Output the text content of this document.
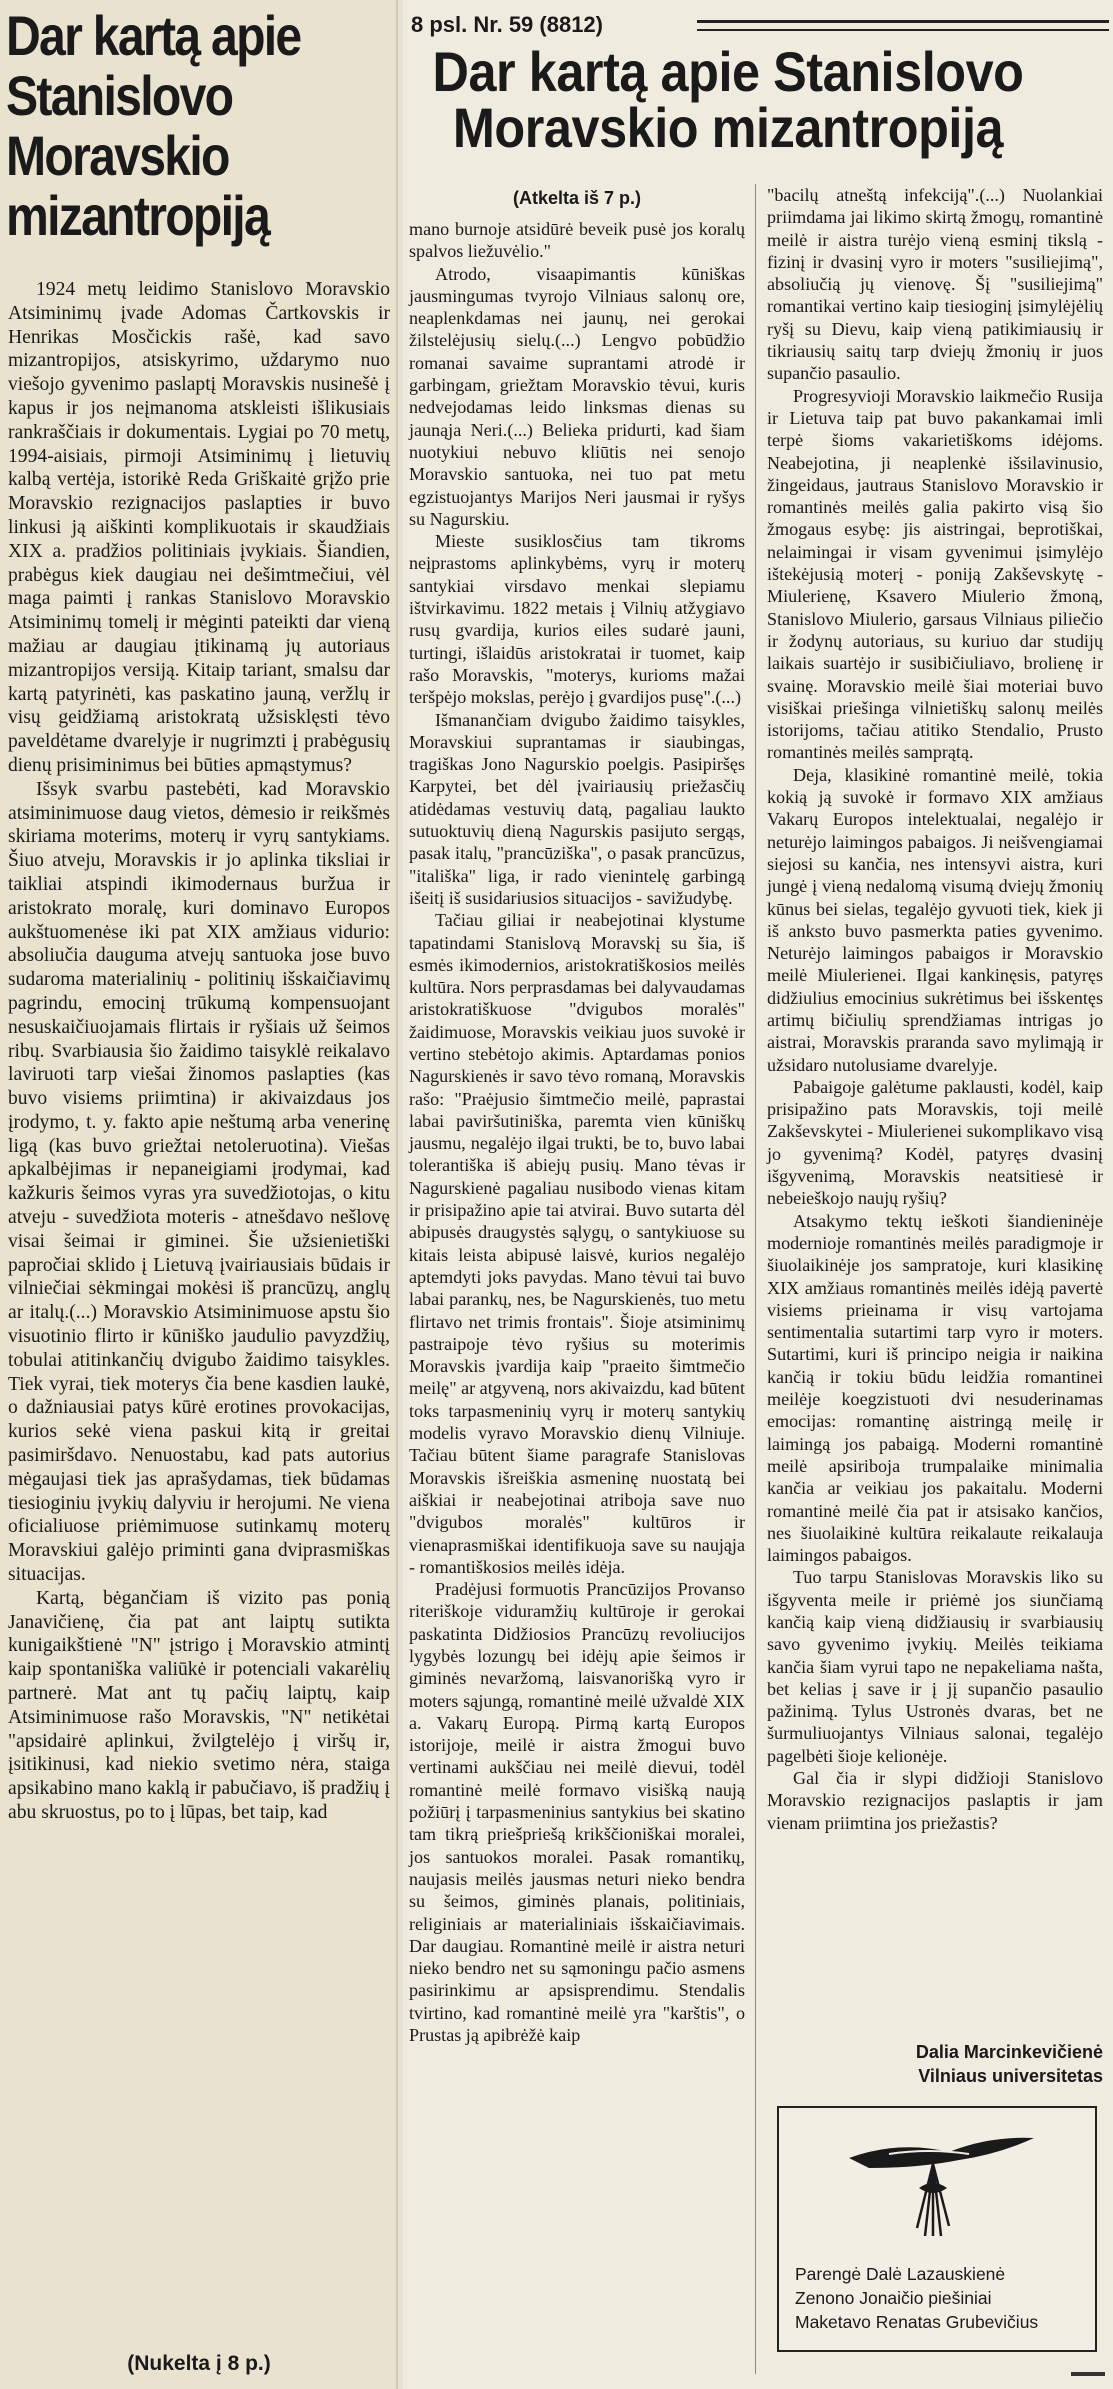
Dar kartą apie
Stanislovo
Moravskio
mizantropiją

1924 metų leidimo Stanislovo Moravskio Atsiminimų įvade Adomas Čartkovskis ir Henrikas Mosčickis rašė, kad savo mizantropijos, atsiskyrimo, uždarymo nuo viešojo gyvenimo paslaptį Moravskis nusinešė į kapus ir jos neįmanoma atskleisti išlikusiais rankraščiais ir dokumentais. Lygiai po 70 metų, 1994-aisiais, pirmoji Atsiminimų į lietuvių kalbą vertėja, istorikė Reda Griškaitė grįžo prie Moravskio rezignacijos paslapties ir buvo linkusi ją aiškinti komplikuotais ir skaudžiais XIX a. pradžios politiniais įvykiais. Šiandien, prabėgus kiek daugiau nei dešimtmečiui, vėl maga paimti į rankas Stanislovo Moravskio Atsiminimų tomelį ir mėginti pateikti dar vieną mažiau ar daugiau įtikinamą jų autoriaus mizantropijos versiją. Kitaip tariant, smalsu dar kartą patyrinėti, kas paskatino jauną, veržlų ir visų geidžiamą aristokratą užsisklęsti tėvo paveldėtame dvarelyje ir nugrimzti į prabėgusių dienų prisiminimus bei būties apmąstymus?

Išsyk svarbu pastebėti, kad Moravskio atsiminimuose daug vietos, dėmesio ir reikšmės skiriama moterims, moterų ir vyrų santykiams. Šiuo atveju, Moravskis ir jo aplinka tiksliai ir taikliai atspindi ikimodernaus buržua ir aristokrato moralę, kuri dominavo Europos aukštuomenėse iki pat XIX amžiaus vidurio: absoliučia dauguma atvejų santuoka jose buvo sudaroma materialinių - politinių išskaičiavimų pagrindu, emocinį trūkumą kompensuojant nesuskaičiuojamais flirtais ir ryšiais už šeimos ribų. Svarbiausia šio žaidimo taisyklė reikalavo laviruoti tarp viešai žinomos paslapties (kas buvo visiems priimtina) ir akivaizdaus jos įrodymo, t. y. fakto apie neštumą arba venerinę ligą (kas buvo griežtai netoleruotina). Viešas apkalbėjimas ir nepaneigiami įrodymai, kad kažkuris šeimos vyras yra suvedžiotojas, o kitu atveju - suvedžiota moteris - atnešdavo nešlovę visai šeimai ir giminei. Šie užsienietiški papročiai sklido į Lietuvą įvairiausiais būdais ir vilniečiai sėkmingai mokėsi iš prancūzų, anglų ar italų.(...) Moravskio Atsiminimuose apstu šio visuotinio flirto ir kūniško jaudulio pavyzdžių, tobulai atitinkančių dvigubo žaidimo taisykles. Tiek vyrai, tiek moterys čia bene kasdien laukė, o dažniausiai patys kūrė erotines provokacijas, kurios sekė viena paskui kitą ir greitai pasimiršdavo. Nenuostabu, kad pats autorius mėgaujasi tiek jas aprašydamas, tiek būdamas tiesioginiu įvykių dalyviu ir herojumi. Ne viena oficialiuose priėmimuose sutinkamų moterų Moravskiui galėjo priminti gana dviprasmiškas situacijas.

Kartą, bėgančiam iš vizito pas ponią Janavičienę, čia pat ant laiptų sutikta kunigaikštienė "N" įstrigo į Moravskio atmintį kaip spontaniška valiūkė ir potenciali vakarėlių partnerė. Mat ant tų pačių laiptų, kaip Atsiminimuose rašo Moravskis, "N" netikėtai "apsidairė aplinkui, žvilgtelėjo į viršų ir, įsitikinusi, kad niekio svetimo nėra, staiga apsikabino mano kaklą ir pabučiavo, iš pradžių į abu skruostus, po to į lūpas, bet taip, kad

(Nukelta į 8 p.)
8 psl. Nr. 59 (8812)
Dar kartą apie Stanislovo
Moravskio mizantropiją
(Atkelta iš 7 p.)

mano burnoje atsidūrė beveik pusė jos koralų spalvos liežuvėlio."

Atrodo, visaapimantis kūniškas jausmingumas tvyrojo Vilniaus salonų ore, neaplenkdamas nei jaunų, nei gerokai žilstelėjusių sielų.(...) Lengvo pobūdžio romanai savaime suprantami atrodė ir garbingam, griežtam Moravskio tėvui, kuris nedvejodamas leido linksmas dienas su jaunąja Neri.(...) Belieka pridurti, kad šiam nuotykiui nebuvo kliūtis nei senojo Moravskio santuoka, nei tuo pat metu egzistuojantys Marijos Neri jausmai ir ryšys su Nagurskiu.

Mieste susiklosčius tam tikroms neįprastoms aplinkybėms, vyrų ir moterų santykiai virsdavo menkai slepiamu ištvirkavimu. 1822 metais į Vilnių atžygiavo rusų gvardija, kurios eiles sudarė jauni, turtingi, išlaidūs aristokratai ir tuomet, kaip rašo Moravskis, "moterys, kurioms mažai teršpėjo mokslas, perėjo į gvardijos pusę".(...)

Išmanančiam dvigubo žaidimo taisykles, Moravskiui suprantamas ir siaubingas, tragiškas Jono Nagurskio poelgis. Pasipiršęs Karpytei, bet dėl įvairiausių priežasčių atidėdamas vestuvių datą, pagaliau laukto sutuoktuvių dieną Nagurskis pasijuto sergąs, pasak italų, "prancūziška", o pasak prancūzus, "itališka" liga, ir rado vienintelę garbingą išeitį iš susidariusios situacijos - savižudybę.

Tačiau giliai ir neabejotinai klystume tapatindami Stanislovą Moravskį su šia, iš esmės ikimodernios, aristokratiškosios meilės kultūra. Nors perprasdamas bei dalyvaudamas aristokratiškuose "dvigubos moralės" žaidimuose, Moravskis veikiau juos suvokė ir vertino stebėtojo akimis. Aptardamas ponios Nagurskienės ir savo tėvo romaną, Moravskis rašo: "Praėjusio šimtmečio meilė, paprastai labai paviršutiniška, paremta vien kūniškų jausmu, negalėjo ilgai trukti, be to, buvo labai tolerantiška iš abiejų pusių. Mano tėvas ir Nagurskienė pagaliau nusibodo vienas kitam ir prisipažino apie tai atvirai. Buvo sutarta dėl abipusės draugystės sąlygų, o santykiuose su kitais leista abipusė laisvė, kurios negalėjo aptemdyti joks pavydas. Mano tėvui tai buvo labai parankų, nes, be Nagurskienės, tuo metu flirtavo net trimis frontais". Šioje atsiminimų pastraipoje tėvo ryšius su moterimis Moravskis įvardija kaip "praeito šimtmečio meilę" ar atgyveną, nors akivaizdu, kad būtent toks tarpasmeninių vyrų ir moterų santykių modelis vyravo Moravskio dienų Vilniuje. Tačiau būtent šiame paragrafe Stanislovas Moravskis išreiškia asmeninę nuostatą bei aiškiai ir neabejotinai atriboja save nuo "dvigubos moralės" kultūros ir vienaprasmiškai identifikuoja save su naująja - romantiškosios meilės idėja.

Pradėjusi formuotis Prancūzijos Provanso riteriškoje viduramžių kultūroje ir gerokai paskatinta Didžiosios Prancūzų revoliucijos lygybės lozungų bei idėjų apie šeimos ir giminės nevaržomą, laisvanorišką vyro ir moters sąjungą, romantinė meilė užvaldė XIX a. Vakarų Europą. Pirmą kartą Europos istorijoje, meilė ir aistra žmogui buvo vertinami aukščiau nei meilė dievui, todėl romantinė meilė formavo visišką naują požiūrį į tarpasmeninius santykius bei skatino tam tikrą priešpriešą krikščioniškai moralei, jos santuokos moralei. Pasak romantikų, naujasis meilės jausmas neturi nieko bendra su šeimos, giminės planais, politiniais, religiniais ar materialiniais išskaičiavimais. Dar daugiau. Romantinė meilė ir aistra neturi nieko bendro net su sąmoningu pačio asmens pasirinkimu ar apsisprendimu. Stendalis tvirtino, kad romantinė meilė yra "karštis", o Prustas ją apibrėžė kaip

"bacilų atneštą infekciją".(...) Nuolankiai priimdama jai likimo skirtą žmogų, romantinė meilė ir aistra turėjo vieną esminį tikslą - fizinį ir dvasinį vyro ir moters "susiliejimą", absoliučią jų vienovę. Šį "susiliejimą" romantikai vertino kaip tiesioginį įsimylėjėlių ryšį su Dievu, kaip vieną patikimiausių ir tikriausių saitų tarp dviejų žmonių ir juos supančio pasaulio.

Progresyvioji Moravskio laikmečio Rusija ir Lietuva taip pat buvo pakankamai imli terpė šioms vakarietiškoms idėjoms. Neabejotina, ji neaplenkė išsilavinusio, žingeidaus, jautraus Stanislovo Moravskio ir romantinės meilės galia pakirto visą šio žmogaus esybę: jis aistringai, beprotiškai, nelaimingai ir visam gyvenimui įsimylėjo ištekėjusią moterį - poniją Zakševskytę - Miulerienę, Ksavero Miulerio žmoną, Stanislovo Miulerio, garsaus Vilniaus piliečio ir žodynų autoriaus, su kuriuo dar studijų laikais suartėjo ir susibičiuliavo, brolienę ir svainę. Moravskio meilė šiai moteriai buvo visiškai priešinga vilnietiškų salonų meilės istorijoms, tačiau atitiko Stendalio, Prusto romantinės meilės samprątą.

Deja, klasikinė romantinė meilė, tokia kokią ją suvokė ir formavo XIX amžiaus Vakarų Europos intelektualai, negalėjo ir neturėjo laimingos pabaigos. Ji neišvengiamai siejosi su kančia, nes intensyvi aistra, kuri jungė į vieną nedalomą visumą dviejų žmonių kūnus bei sielas, tegalėjo gyvuoti tiek, kiek ji iš anksto buvo pasmerkta paties gyvenimo. Neturėjo laimingos pabaigos ir Moravskio meilė Miulerienei. Ilgai kankinęsis, patyręs didžiulius emocinius sukrėtimus bei išskentęs artimų bičiulių sprendžiamas intrigas jo aistrai, Moravskis praranda savo mylimąją ir užsidaro nutolusiame dvarelyje.

Pabaigoje galėtume paklausti, kodėl, kaip prisipažino pats Moravskis, toji meilė Zakševskytei - Miulerienei sukomplikavo visą jo gyvenimą? Kodėl, patyręs dvasinį išgyvenimą, Moravskis neatsitiesė ir nebeieškojo naujų ryšių?

Atsakymo tektų ieškoti šiandieninėje modernioje romantinės meilės paradigmoje ir šiuolaikinėje jos sampratoje, kuri klasikinę XIX amžiaus romantinės meilės idėją pavertė visiems prieinama ir visų vartojama sentimentalia sutartimi tarp vyro ir moters. Sutartimi, kuri iš principo neigia ir naikina kančią ir tokiu būdu leidžia romantinei meilėje koegzistuoti dvi nesuderinamas emocijas: romantinę aistringą meilę ir laimingą jos pabaigą. Moderni romantinė meilė apsiriboja trumpalaike minimalia kančia ar veikiau jos pakaitalu. Moderni romantinė meilė čia pat ir atsisako kančios, nes šiuolaikinė kultūra reikalaute reikalauja laimingos pabaigos.

Tuo tarpu Stanislovas Moravskis liko su išgyventa meile ir priėmė jos siunčiamą kančią kaip vieną didžiausių ir svarbiausių savo gyvenimo įvykių. Meilės teikiama kančia šiam vyrui tapo ne nepakeliama našta, bet kelias į save ir į jį supančio pasaulio pažinimą. Tylus Ustronės dvaras, bet ne šurmuliuojantys Vilniaus salonai, tegalėjo pagelbėti šioje kelionėje.

Gal čia ir slypi didžioji Stanislovo Moravskio rezignacijos paslaptis ir jam vienam priimtina jos priežastis?

Dalia Marcinkevičienė
Vilniaus universitetas
Parengė Dalė Lazauskienė
Zenono Jonaičio piešiniai
Maketavo Renatas Grubevičius
